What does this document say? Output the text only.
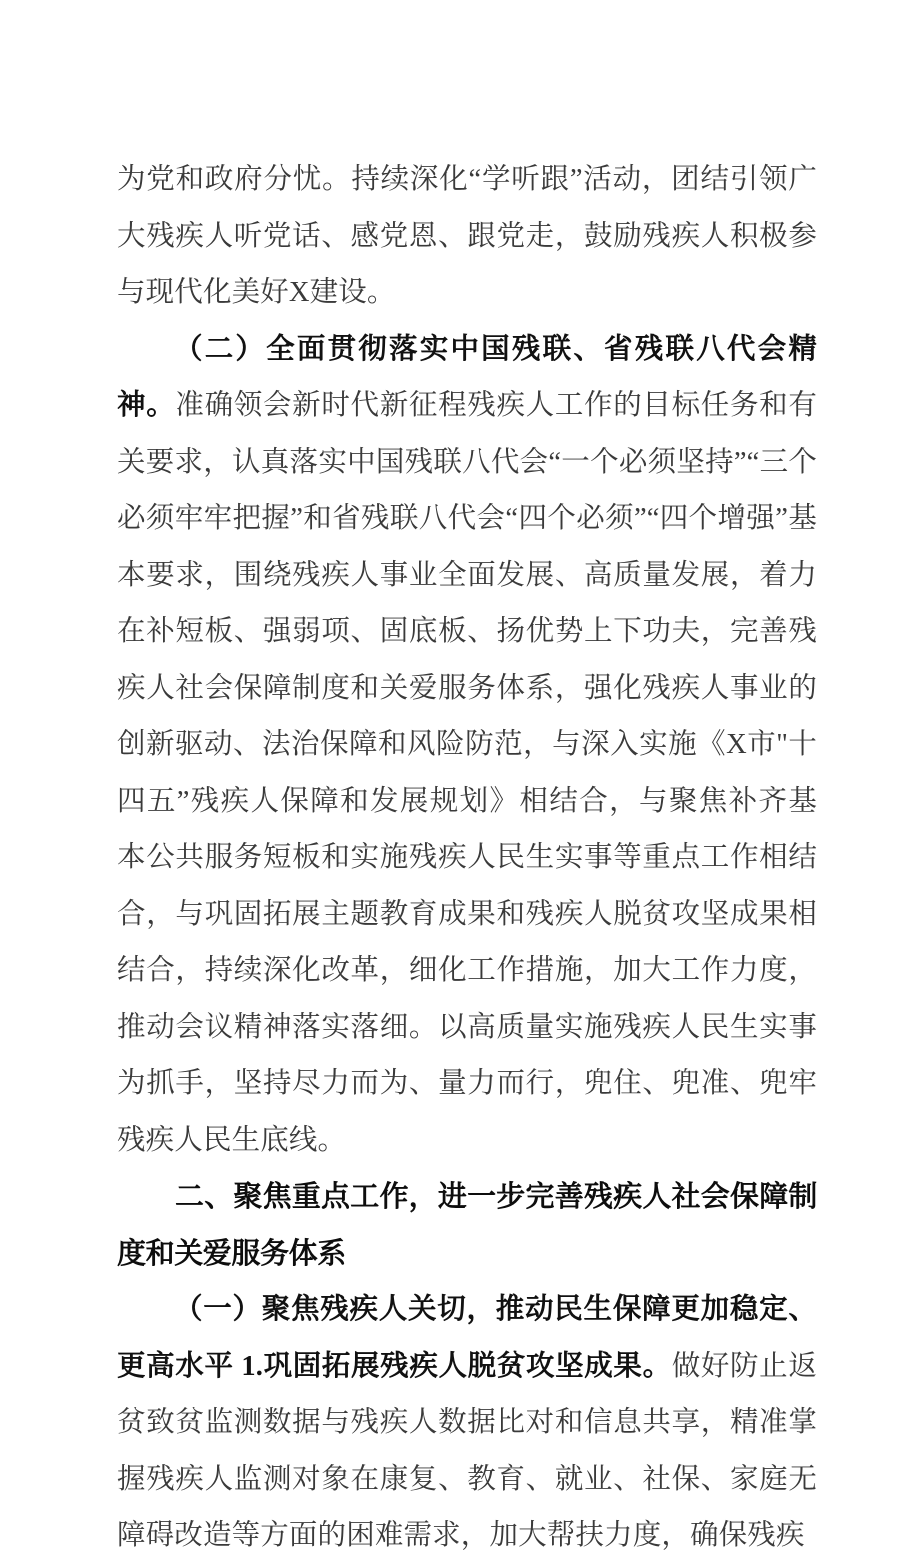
为党和政府分忧。持续深化“学听跟”活动，团结引领广大残疾人听党话、感党恩、跟党走，鼓励残疾人积极参与现代化美好X建设。

（二）全面贯彻落实中国残联、省残联八代会精神。准确领会新时代新征程残疾人工作的目标任务和有关要求，认真落实中国残联八代会“一个必须坚持”“三个必须牢牢把握”和省残联八代会“四个必须”“四个增强”基本要求，围绕残疾人事业全面发展、高质量发展，着力在补短板、强弱项、固底板、扬优势上下功夫，完善残疾人社会保障制度和关爱服务体系，强化残疾人事业的创新驱动、法治保障和风险防范，与深入实施《X市"十四五”残疾人保障和发展规划》相结合，与聚焦补齐基本公共服务短板和实施残疾人民生实事等重点工作相结合，与巩固拓展主题教育成果和残疾人脱贫攻坚成果相结合，持续深化改革，细化工作措施，加大工作力度，推动会议精神落实落细。以高质量实施残疾人民生实事为抓手，坚持尽力而为、量力而行，兜住、兜准、兜牢残疾人民生底线。

二、聚焦重点工作，进一步完善残疾人社会保障制度和关爱服务体系

（一）聚焦残疾人关切，推动民生保障更加稳定、更高水平 1.巩固拓展残疾人脱贫攻坚成果。做好防止返贫致贫监测数据与残疾人数据比对和信息共享，精准掌握残疾人监测对象在康复、教育、就业、社保、家庭无障碍改造等方面的困难需求，加大帮扶力度，确保残疾
